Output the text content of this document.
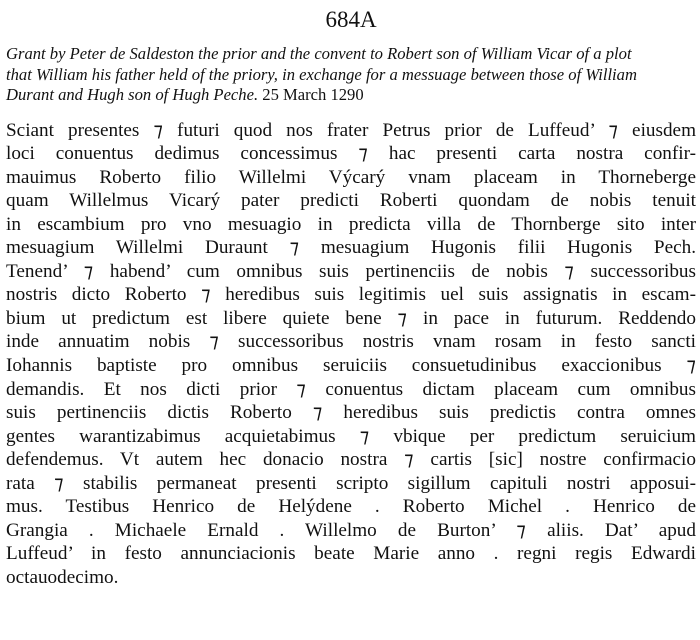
684A
Grant by Peter de Saldeston the prior and the convent to Robert son of William Vicar of a plot
that William his father held of the priory, in exchange for a messuage between those of William
Durant and Hugh son of Hugh Peche. 25 March 1290
Sciant presentes ⁊ futuri quod nos frater Petrus prior de Luffeud’ ⁊ eiusdem
loci conuentus dedimus concessimus ⁊ hac presenti carta nostra confir-
mauimus Roberto filio Willelmi Výcarý vnam placeam in Thorneberge
quam Willelmus Vicarý pater predicti Roberti quondam de nobis tenuit
in escambium pro vno mesuagio in predicta villa de Thornberge sito inter
mesuagium Willelmi Duraunt ⁊ mesuagium Hugonis filii Hugonis Pech.
Tenend’ ⁊ habend’ cum omnibus suis pertinenciis de nobis ⁊ successoribus
nostris dicto Roberto ⁊ heredibus suis legitimis uel suis assignatis in escam-
bium ut predictum est libere quiete bene ⁊ in pace in futurum. Reddendo
inde annuatim nobis ⁊ successoribus nostris vnam rosam in festo sancti
Iohannis baptiste pro omnibus seruiciis consuetudinibus exaccionibus ⁊
demandis. Et nos dicti prior ⁊ conuentus dictam placeam cum omnibus
suis pertinenciis dictis Roberto ⁊ heredibus suis predictis contra omnes
gentes warantizabimus acquietabimus ⁊ vbique per predictum seruicium
defendemus. Vt autem hec donacio nostra ⁊ cartis [sic] nostre confirmacio
rata ⁊ stabilis permaneat presenti scripto sigillum capituli nostri apposui-
mus. Testibus Henrico de Helýdene . Roberto Michel . Henrico de
Grangia . Michaele Ernald . Willelmo de Burton’ ⁊ aliis. Dat’ apud
Luffeud’ in festo annunciacionis beate Marie anno . regni regis Edwardi
octauodecimo.
